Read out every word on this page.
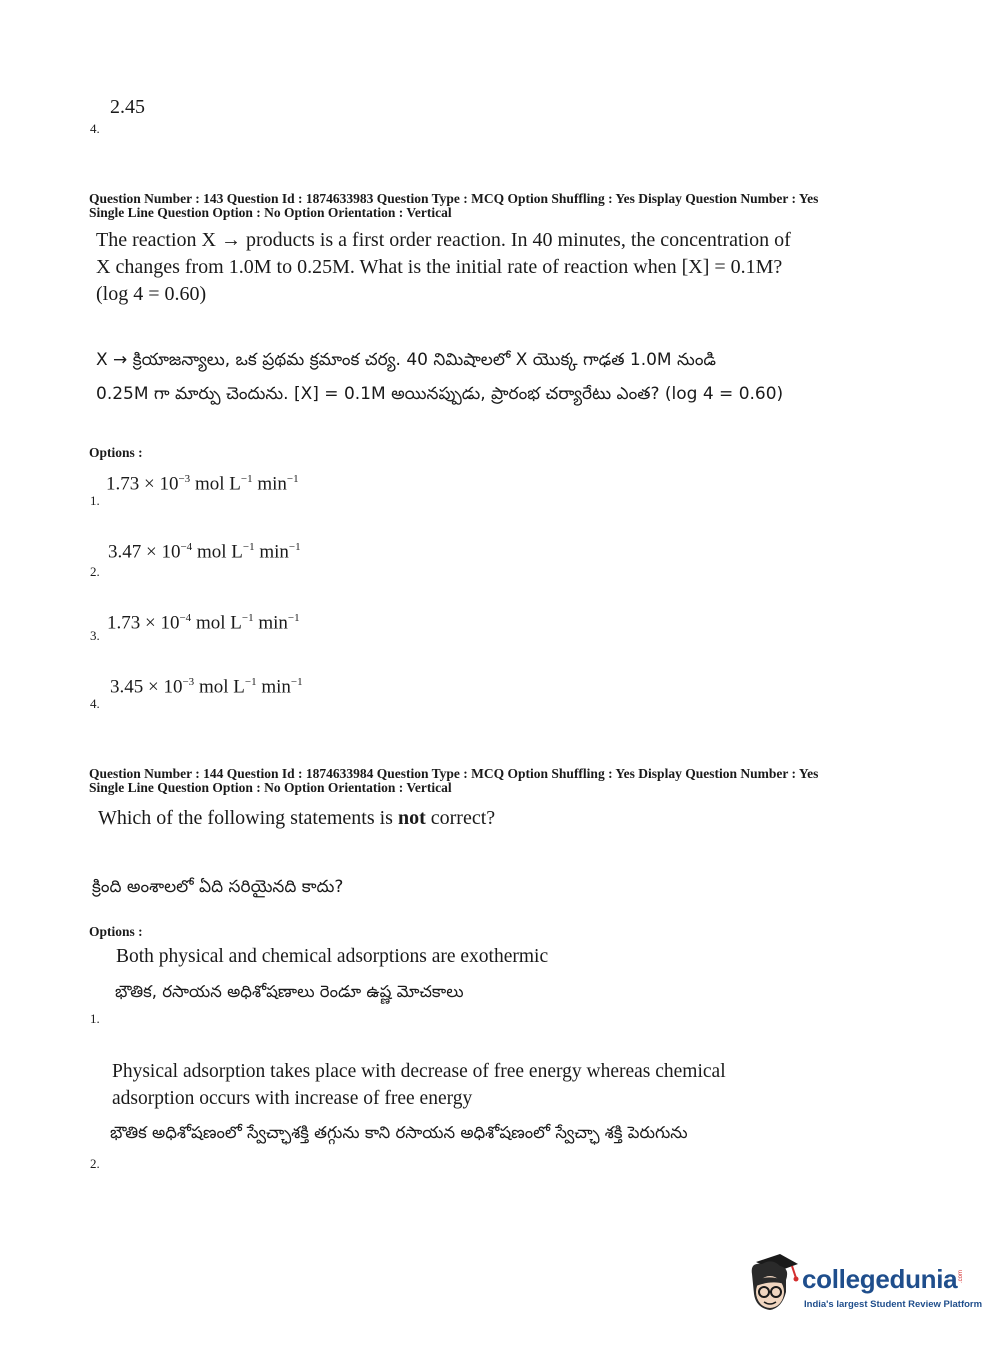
2.45
4.
Question Number : 143 Question Id : 1874633983 Question Type : MCQ Option Shuffling : Yes Display Question Number : Yes
Single Line Question Option : No Option Orientation : Vertical
The reaction X → products is a first order reaction. In 40 minutes, the concentration of
X changes from 1.0M to 0.25M. What is the initial rate of reaction when [X] = 0.1M?
(log 4 = 0.60)
X → క్రియాజన్యాలు, ఒక ప్రథమ క్రమాంక చర్య. 40 నిమిషాలలో X యొక్క గాఢత 1.0M నుండి
0.25M గా మార్పు చెందును. [X] = 0.1M అయినప్పుడు, ప్రారంభ చర్యారేటు ఎంత? (log 4 = 0.60)
Options :
$1.73 \times 10^{-3}$ mol $L^{-1}$ $\min^{-1}$
1.
$3.47 \times 10^{-4}$ mol $L^{-1}$ $\min^{-1}$
2.
$1.73 \times 10^{-4}$ mol $L^{-1}$ $\min^{-1}$
3.
$3.45 \times 10^{-3}$ mol $L^{-1}$ $\min^{-1}$
4.
Question Number : 144 Question Id : 1874633984 Question Type : MCQ Option Shuffling : Yes Display Question Number : Yes
Single Line Question Option : No Option Orientation : Vertical
Which of the following statements is not correct?
క్రింది అంశాలలో ఏది సరియైనది కాదు?
Options :
Both physical and chemical adsorptions are exothermic
భౌతిక, రసాయన అధిశోషణాలు రెండూ ఉష్ణ మోచకాలు
1.
Physical adsorption takes place with decrease of free energy whereas chemical
adsorption occurs with increase of free energy
భౌతిక అధిశోషణంలో స్వేచ్ఛాశక్తి తగ్గును కాని రసాయన అధిశోషణంలో స్వేచ్ఛా శక్తి పెరుగును
2.
collegedunia .com
India's largest Student Review Platform
